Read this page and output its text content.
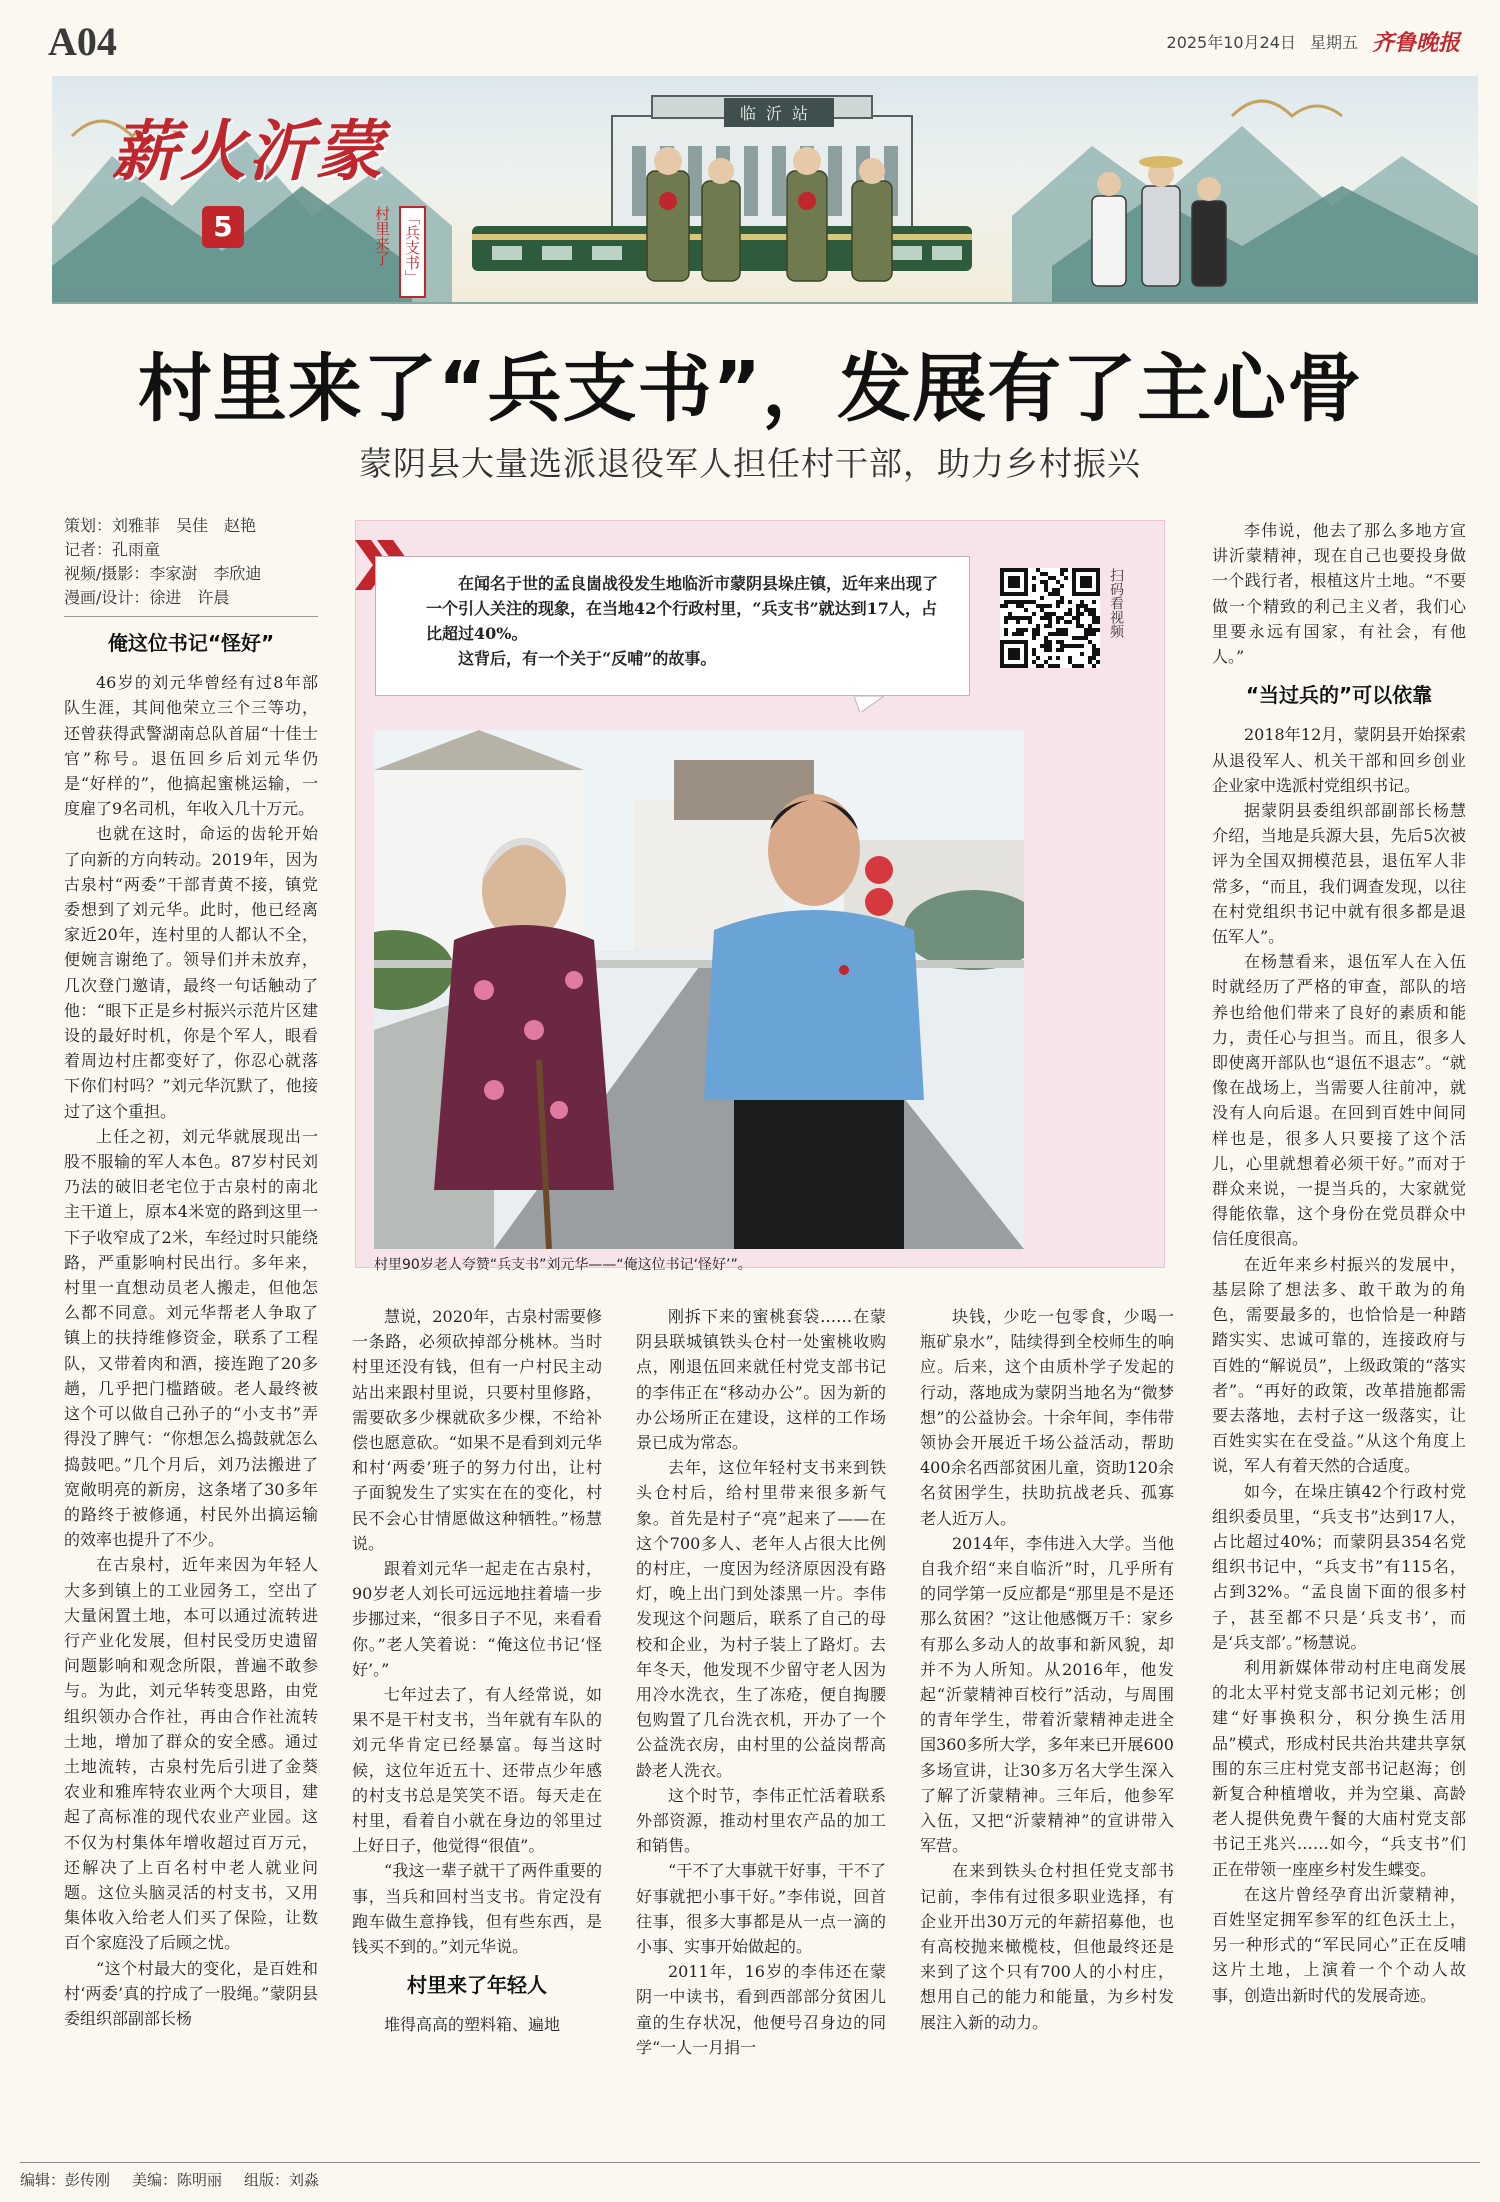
A04	2025年10月24日 星期五 齐鲁晚报
薪火沂蒙
5	村里来了 「兵支书」
临沂站
村里来了“兵支书”，发展有了主心骨
蒙阴县大量选派退役军人担任村干部，助力乡村振兴
策划：刘雅菲　吴佳　赵艳
记者：孔雨童
视频/摄影：李家澍　李欣迪
漫画/设计：徐进　许晨
俺这位书记“怪好”

46岁的刘元华曾经有过8年部队生涯，其间他荣立三个三等功，还曾获得武警湖南总队首届“十佳士官”称号。退伍回乡后刘元华仍是“好样的”，他搞起蜜桃运输，一度雇了9名司机，年收入几十万元。

也就在这时，命运的齿轮开始了向新的方向转动。2019年，因为古泉村“两委”干部青黄不接，镇党委想到了刘元华。此时，他已经离家近20年，连村里的人都认不全，便婉言谢绝了。领导们并未放弃，几次登门邀请，最终一句话触动了他：“眼下正是乡村振兴示范片区建设的最好时机，你是个军人，眼看着周边村庄都变好了，你忍心就落下你们村吗？”刘元华沉默了，他接过了这个重担。

上任之初，刘元华就展现出一股不服输的军人本色。87岁村民刘乃法的破旧老宅位于古泉村的南北主干道上，原本4米宽的路到这里一下子收窄成了2米，车经过时只能绕路，严重影响村民出行。多年来，村里一直想动员老人搬走，但他怎么都不同意。刘元华帮老人争取了镇上的扶持维修资金，联系了工程队，又带着肉和酒，接连跑了20多趟，几乎把门槛踏破。老人最终被这个可以做自己孙子的“小支书”弄得没了脾气：“你想怎么捣鼓就怎么捣鼓吧。”几个月后，刘乃法搬进了宽敞明亮的新房，这条堵了30多年的路终于被修通，村民外出搞运输的效率也提升了不少。

在古泉村，近年来因为年轻人大多到镇上的工业园务工，空出了大量闲置土地，本可以通过流转进行产业化发展，但村民受历史遗留问题影响和观念所限，普遍不敢参与。为此，刘元华转变思路，由党组织领办合作社，再由合作社流转土地，增加了群众的安全感。通过土地流转，古泉村先后引进了金葵农业和雅库特农业两个大项目，建起了高标准的现代农业产业园。这不仅为村集体年增收超过百万元，还解决了上百名村中老人就业问题。这位头脑灵活的村支书，又用集体收入给老人们买了保险，让数百个家庭没了后顾之忧。

“这个村最大的变化，是百姓和村‘两委’真的拧成了一股绳。”蒙阴县委组织部副部长杨

在闻名于世的孟良崮战役发生地临沂市蒙阴县垛庄镇，近年来出现了一个引人关注的现象，在当地42个行政村里，“兵支书”就达到17人，占比超过40%。

这背后，有一个关于“反哺”的故事。

扫码看视频
村里90岁老人夸赞“兵支书”刘元华——“俺这位书记‘怪好’”。

慧说，2020年，古泉村需要修一条路，必须砍掉部分桃林。当时村里还没有钱，但有一户村民主动站出来跟村里说，只要村里修路，需要砍多少棵就砍多少棵，不给补偿也愿意砍。“如果不是看到刘元华和村‘两委’班子的努力付出，让村子面貌发生了实实在在的变化，村民不会心甘情愿做这种牺牲。”杨慧说。

跟着刘元华一起走在古泉村，90岁老人刘长可远远地拄着墙一步步挪过来，“很多日子不见，来看看你。”老人笑着说：“俺这位书记‘怪好’。”

七年过去了，有人经常说，如果不是干村支书，当年就有车队的刘元华肯定已经暴富。每当这时候，这位年近五十、还带点少年感的村支书总是笑笑不语。每天走在村里，看着自小就在身边的邻里过上好日子，他觉得“很值”。

“我这一辈子就干了两件重要的事，当兵和回村当支书。肯定没有跑车做生意挣钱，但有些东西，是钱买不到的。”刘元华说。

村里来了年轻人

堆得高高的塑料箱、遍地

刚拆下来的蜜桃套袋……在蒙阴县联城镇铁头仓村一处蜜桃收购点，刚退伍回来就任村党支部书记的李伟正在“移动办公”。因为新的办公场所正在建设，这样的工作场景已成为常态。

去年，这位年轻村支书来到铁头仓村后，给村里带来很多新气象。首先是村子“亮”起来了——在这个700多人、老年人占很大比例的村庄，一度因为经济原因没有路灯，晚上出门到处漆黑一片。李伟发现这个问题后，联系了自己的母校和企业，为村子装上了路灯。去年冬天，他发现不少留守老人因为用冷水洗衣，生了冻疮，便自掏腰包购置了几台洗衣机，开办了一个公益洗衣房，由村里的公益岗帮高龄老人洗衣。

这个时节，李伟正忙活着联系外部资源，推动村里农产品的加工和销售。

“干不了大事就干好事，干不了好事就把小事干好。”李伟说，回首往事，很多大事都是从一点一滴的小事、实事开始做起的。

2011年，16岁的李伟还在蒙阴一中读书，看到西部部分贫困儿童的生存状况，他便号召身边的同学“一人一月捐一

块钱，少吃一包零食，少喝一瓶矿泉水”，陆续得到全校师生的响应。后来，这个由质朴学子发起的行动，落地成为蒙阴当地名为“微梦想”的公益协会。十余年间，李伟带领协会开展近千场公益活动，帮助400余名西部贫困儿童，资助120余名贫困学生，扶助抗战老兵、孤寡老人近万人。

2014年，李伟进入大学。当他自我介绍“来自临沂”时，几乎所有的同学第一反应都是“那里是不是还那么贫困？”这让他感慨万千：家乡有那么多动人的故事和新风貌，却并不为人所知。从2016年，他发起“沂蒙精神百校行”活动，与周围的青年学生，带着沂蒙精神走进全国360多所大学，多年来已开展600多场宣讲，让30多万名大学生深入了解了沂蒙精神。三年后，他参军入伍，又把“沂蒙精神”的宣讲带入军营。

在来到铁头仓村担任党支部书记前，李伟有过很多职业选择，有企业开出30万元的年薪招募他，也有高校抛来橄榄枝，但他最终还是来到了这个只有700人的小村庄，想用自己的能力和能量，为乡村发展注入新的动力。

李伟说，他去了那么多地方宣讲沂蒙精神，现在自己也要投身做一个践行者，根植这片土地。“不要做一个精致的利己主义者，我们心里要永远有国家，有社会，有他人。”

“当过兵的”可以依靠

2018年12月，蒙阴县开始探索从退役军人、机关干部和回乡创业企业家中选派村党组织书记。

据蒙阴县委组织部副部长杨慧介绍，当地是兵源大县，先后5次被评为全国双拥模范县，退伍军人非常多，“而且，我们调查发现，以往在村党组织书记中就有很多都是退伍军人”。

在杨慧看来，退伍军人在入伍时就经历了严格的审查，部队的培养也给他们带来了良好的素质和能力，责任心与担当。而且，很多人即使离开部队也“退伍不退志”。“就像在战场上，当需要人往前冲，就没有人向后退。在回到百姓中间同样也是，很多人只要接了这个活儿，心里就想着必须干好。”而对于群众来说，一提当兵的，大家就觉得能依靠，这个身份在党员群众中信任度很高。

在近年来乡村振兴的发展中，基层除了想法多、敢干敢为的角色，需要最多的，也恰恰是一种踏踏实实、忠诚可靠的，连接政府与百姓的“解说员”，上级政策的“落实者”。“再好的政策，改革措施都需要去落地，去村子这一级落实，让百姓实实在在受益。”从这个角度上说，军人有着天然的合适度。

如今，在垛庄镇42个行政村党组织委员里，“兵支书”达到17人，占比超过40%；而蒙阴县354名党组织书记中，“兵支书”有115名，占到32%。“孟良崮下面的很多村子，甚至都不只是‘兵支书’，而是‘兵支部’。”杨慧说。

利用新媒体带动村庄电商发展的北太平村党支部书记刘元彬；创建“好事换积分，积分换生活用品”模式，形成村民共治共建共享氛围的东三庄村党支部书记赵海；创新复合种植增收，并为空巢、高龄老人提供免费午餐的大庙村党支部书记王兆兴……如今，“兵支书”们正在带领一座座乡村发生蝶变。

在这片曾经孕育出沂蒙精神，百姓坚定拥军参军的红色沃土上，另一种形式的“军民同心”正在反哺这片土地，上演着一个个动人故事，创造出新时代的发展奇迹。

编辑：彭传刚 美编：陈明丽 组版：刘淼
